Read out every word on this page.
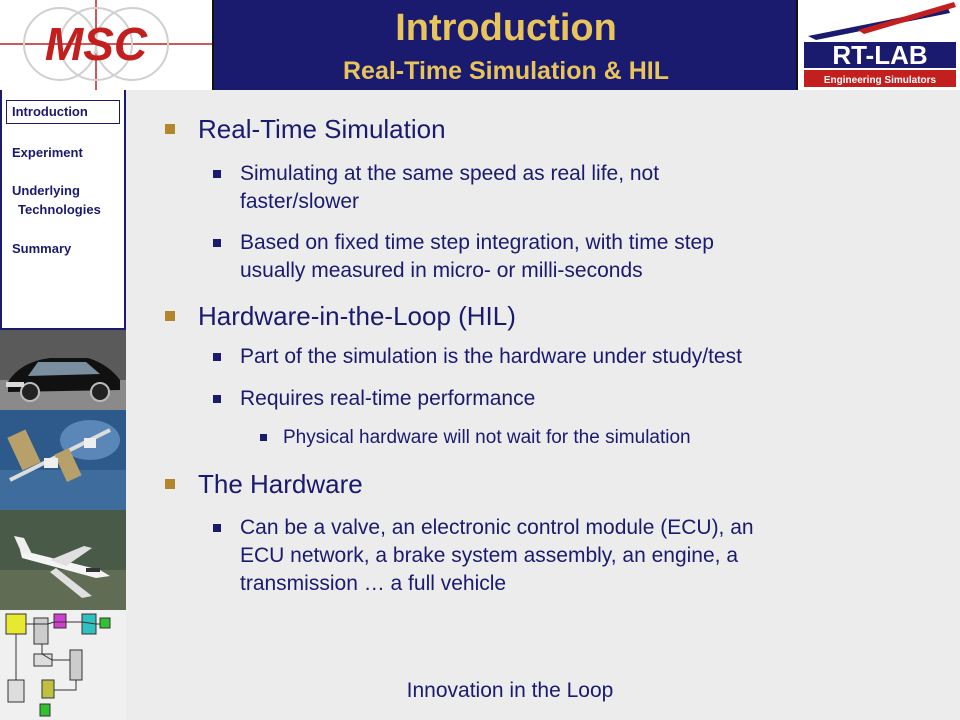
MSC	Introduction
Real-Time Simulation & HIL
RT-LAB
Engineering Simulators
Introduction
Experiment
Underlying
Technologies
Summary
Real-Time Simulation
Simulating at the same speed as real life, not
faster/slower
Based on fixed time step integration, with time step
usually measured in micro- or milli-seconds
Hardware-in-the-Loop (HIL)
Part of the simulation is the hardware under study/test
Requires real-time performance
Physical hardware will not wait for the simulation
The Hardware
Can be a valve, an electronic control module (ECU), an
ECU network, a brake system assembly, an engine, a
transmission … a full vehicle
Innovation in the Loop
